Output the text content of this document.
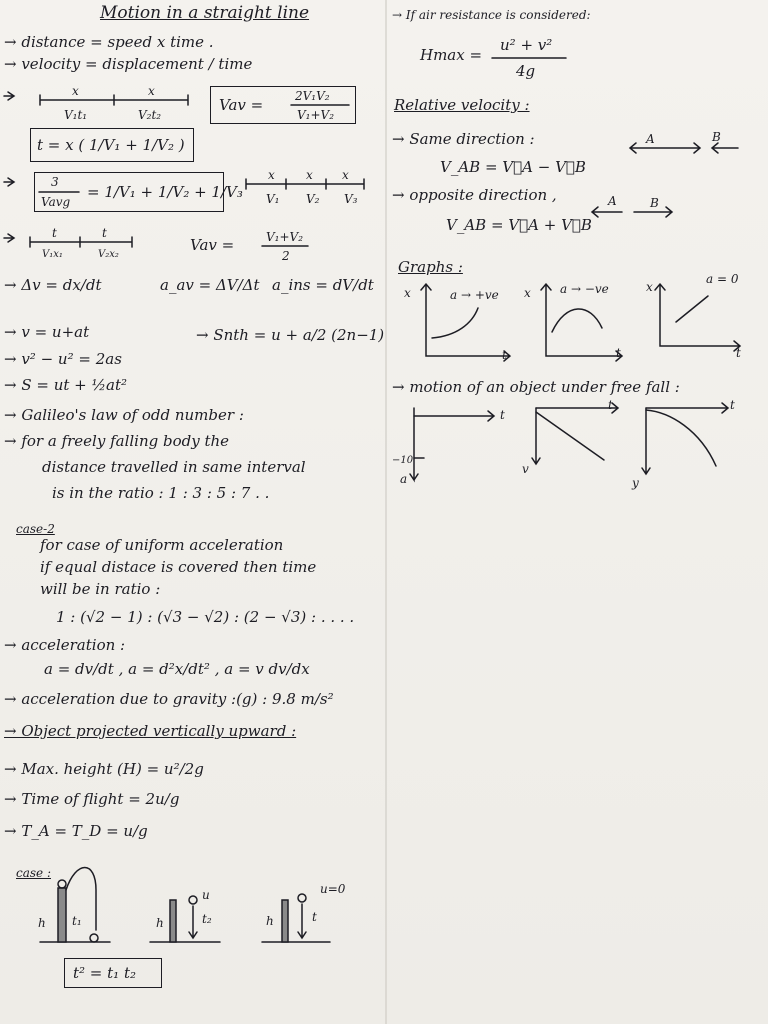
Motion in a straight line
→ distance = speed x time .
→ velocity = displacement / time
x	x
V₁t₁	V₂t₂
Vav =	2V₁V₂
V₁+V₂
t = x ( 1/V₁ + 1/V₂ )
3
Vavg
= 1/V₁ + 1/V₂ + 1/V₃
x	x x
V₁ V₂ V₃
t	t
V₁x₁	V₂x₂
Vav =	V₁+V₂
2
→ Δv = dx/dt	a_av = ΔV/Δt a_ins = dV/dt
→ v = u+at	→ Snth = u + a/2 (2n−1)
→ v² − u² = 2as
→ S = ut + ½at²
→ Galileo's law of odd number :
→ for a freely falling body the
distance travelled in same interval
is in the ratio : 1 : 3 : 5 : 7 . .
case-2
for case of uniform acceleration
if equal distace is covered then time
will be in ratio :
1 : (√2 − 1) : (√3 − √2) : (2 − √3) : . . . .
→ acceleration :
a = dv/dt , a = d²x/dt² , a = v dv/dx
→ acceleration due to gravity :(g) : 9.8 m/s²
→ Object projected vertically upward :
→ Max. height (H) = u²/2g
→ Time of flight = 2u/g
→ T_A = T_D = u/g
case :
h t₁	h
u
t₂	h
u=0
t
t² = t₁ t₂
→ If air resistance is considered:
Hmax =
u² + v²
4g
Relative velocity :
→ Same direction :
V_AB = V⃗A − V⃗B
A	B
→ opposite direction ,
V_AB = V⃗A + V⃗B
A	B
Graphs :
a → +ve
x
t
a → −ve
x
t
a = 0
x
t
→ motion of an object under free fall :
t
−10
a
t
v
t
y
